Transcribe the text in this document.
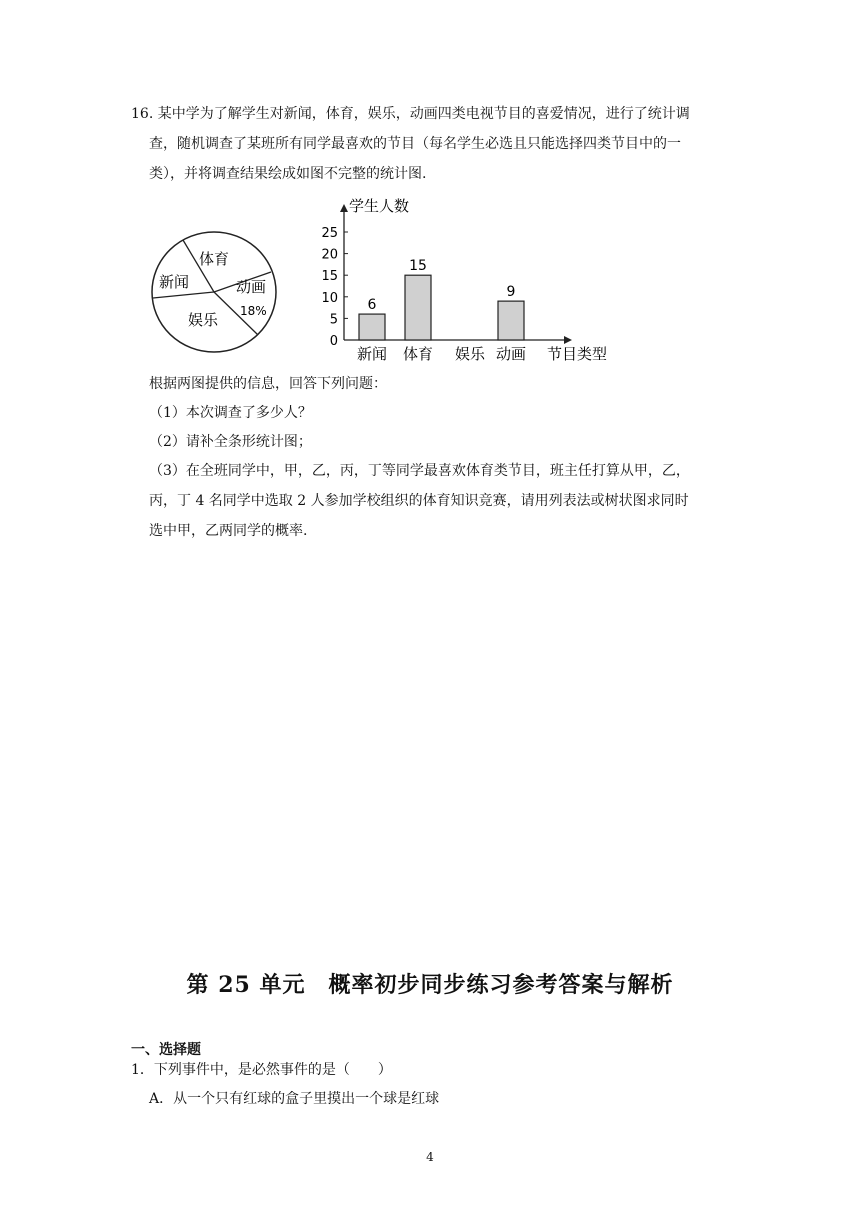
16. 某中学为了解学生对新闻，体育，娱乐，动画四类电视节目的喜爱情况，进行了统计调
查，随机调查了某班所有同学最喜欢的节目（每名学生必选且只能选择四类节目中的一
类），并将调查结果绘成如图不完整的统计图.
体育
新闻	动画
18%
娱乐
学生人数
0
5
10
15
20
25
新闻 体育 娱乐 动画 节目类型
6
15
9
根据两图提供的信息，回答下列问题：
（1）本次调查了多少人？
（2）请补全条形统计图；
（3）在全班同学中，甲，乙，丙，丁等同学最喜欢体育类节目，班主任打算从甲，乙，
丙，丁 4 名同学中选取 2 人参加学校组织的体育知识竞赛，请用列表法或树状图求同时
选中甲，乙两同学的概率.
第 25 单元　概率初步同步练习参考答案与解析
一、选择题
1．下列事件中，是必然事件的是（　　）
A．从一个只有红球的盒子里摸出一个球是红球
4
